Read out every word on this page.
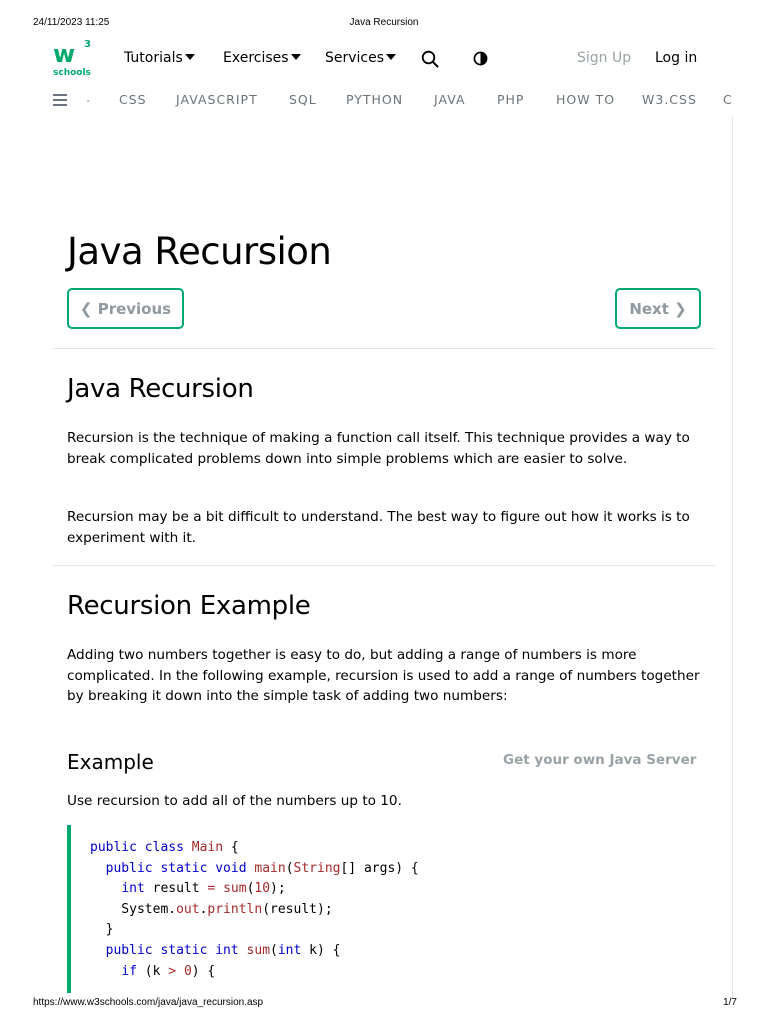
24/11/2023 11:25	Java Recursion
w 3
schools
Tutorials	Exercises	Services	Sign Up Log in
. CSS JAVASCRIPT	SQL PYTHON JAVA	PHP	HOW TO W3.CSS C
Java Recursion
❮ Previous	Next ❯
Java Recursion

Recursion is the technique of making a function call itself. This technique provides a way to break complicated problems down into simple problems which are easier to solve.

Recursion may be a bit difficult to understand. The best way to figure out how it works is to experiment with it.

Recursion Example

Adding two numbers together is easy to do, but adding a range of numbers is more complicated. In the following example, recursion is used to add a range of numbers together by breaking it down into the simple task of adding two numbers:

Example	Get your own Java Server

Use recursion to add all of the numbers up to 10.

public class Main {
public static void main(String[] args) {
int result = sum(10);
System.out.println(result);
}
public static int sum(int k) {
if (k > 0) {
https://www.w3schools.com/java/java_recursion.asp	1/7
